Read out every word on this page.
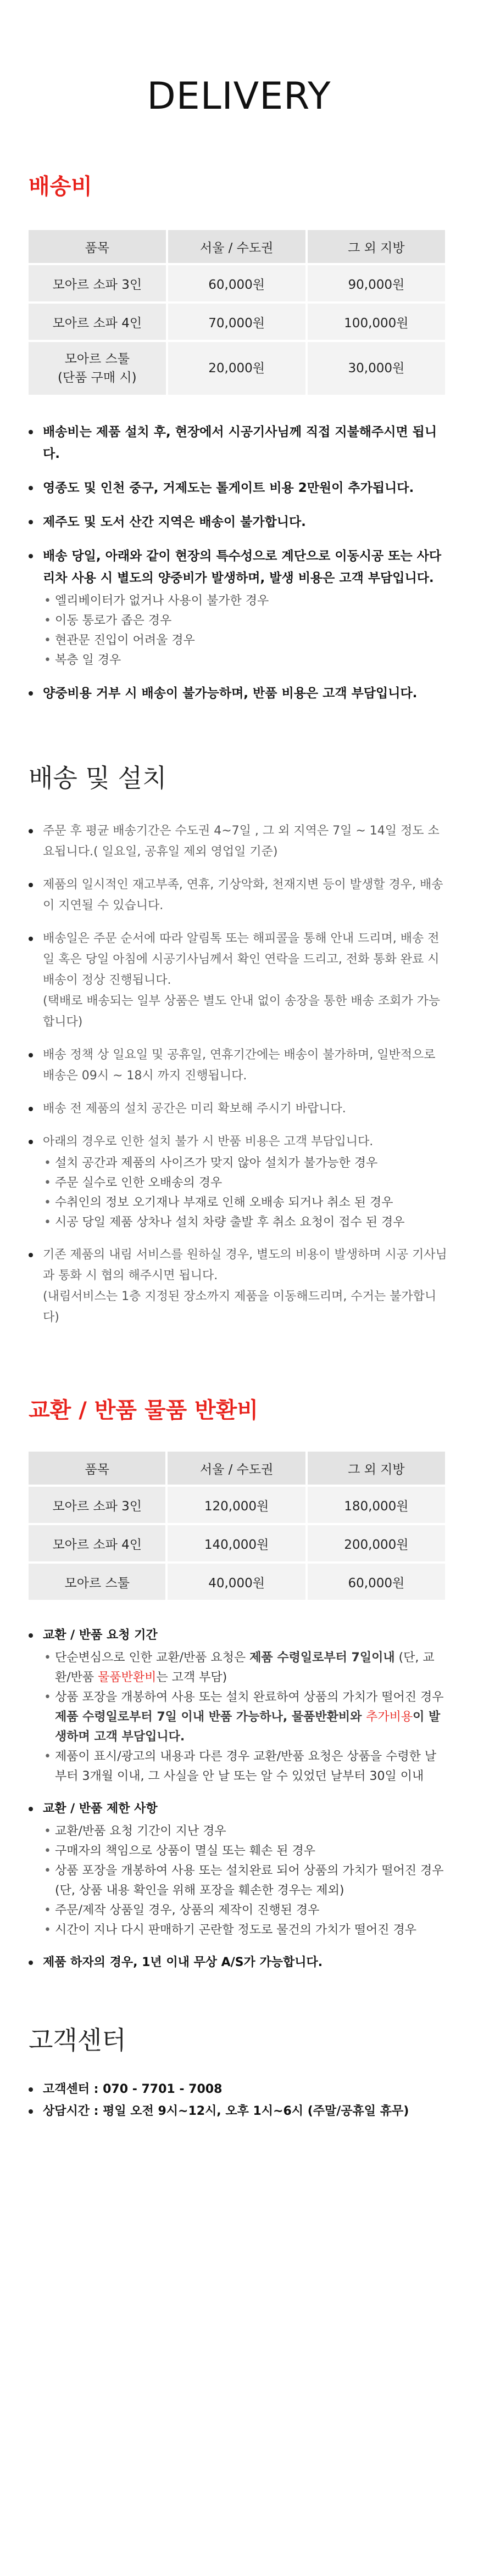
DELIVERY
배송비
품목	서울 / 수도권	그 외 지방
모아르 소파 3인	60,000원	90,000원
모아르 소파 4인	70,000원	100,000원
모아르 스툴
(단품 구매 시)	20,000원	30,000원
배송비는 제품 설치 후, 현장에서 시공기사님께 직접 지불해주시면 됩니다.
영종도 및 인천 중구, 거제도는 톨게이트 비용 2만원이 추가됩니다.
제주도 및 도서 산간 지역은 배송이 불가합니다.
배송 당일, 아래와 같이 현장의 특수성으로 계단으로 이동시공 또는 사다리차 사용 시 별도의 양중비가 발생하며, 발생 비용은 고객 부담입니다.
• 엘리베이터가 없거나 사용이 불가한 경우
• 이동 통로가 좁은 경우
• 현관문 진입이 어려울 경우
• 복층 일 경우
양중비용 거부 시 배송이 불가능하며, 반품 비용은 고객 부담입니다.
배송 및 설치
주문 후 평균 배송기간은 수도권 4~7일 , 그 외 지역은 7일 ~ 14일 정도 소요됩니다.( 일요일, 공휴일 제외 영업일 기준)
제품의 일시적인 재고부족, 연휴, 기상악화, 천재지변 등이 발생할 경우, 배송이 지연될 수 있습니다.
배송일은 주문 순서에 따라 알림톡 또는 해피콜을 통해 안내 드리며, 배송 전일 혹은 당일 아침에 시공기사님께서 확인 연락을 드리고, 전화 통화 완료 시 배송이 정상 진행됩니다.
(택배로 배송되는 일부 상품은 별도 안내 없이 송장을 통한 배송 조회가 가능합니다)
배송 정책 상 일요일 및 공휴일, 연휴기간에는 배송이 불가하며, 일반적으로 배송은 09시 ~ 18시 까지 진행됩니다.
배송 전 제품의 설치 공간은 미리 확보해 주시기 바랍니다.
아래의 경우로 인한 설치 불가 시 반품 비용은 고객 부담입니다.
• 설치 공간과 제품의 사이즈가 맞지 않아 설치가 불가능한 경우
• 주문 실수로 인한 오배송의 경우
• 수취인의 정보 오기재나 부재로 인해 오배송 되거나 취소 된 경우
• 시공 당일 제품 상차나 설치 차량 출발 후 취소 요청이 접수 된 경우
기존 제품의 내림 서비스를 원하실 경우, 별도의 비용이 발생하며 시공 기사님과 통화 시 협의 해주시면 됩니다.
(내림서비스는 1층 지정된 장소까지 제품을 이동해드리며, 수거는 불가합니다)
교환 / 반품 물품 반환비
품목	서울 / 수도권	그 외 지방
모아르 소파 3인	120,000원	180,000원
모아르 소파 4인	140,000원	200,000원
모아르 스툴	40,000원	60,000원
교환 / 반품 요청 기간
• 단순변심으로 인한 교환/반품 요청은 제품 수령일로부터 7일이내 (단, 교환/반품 물품반환비는 고객 부담)
• 상품 포장을 개봉하여 사용 또는 설치 완료하여 상품의 가치가 떨어진 경우 제품 수령일로부터 7일 이내 반품 가능하나, 물품반환비와 추가비용이 발생하며 고객 부담입니다.
• 제품이 표시/광고의 내용과 다른 경우 교환/반품 요청은 상품을 수령한 날 부터 3개월 이내, 그 사실을 안 날 또는 알 수 있었던 날부터 30일 이내
교환 / 반품 제한 사항
• 교환/반품 요청 기간이 지난 경우
• 구매자의 책임으로 상품이 멸실 또는 훼손 된 경우
• 상품 포장을 개봉하여 사용 또는 설치완료 되어 상품의 가치가 떨어진 경우 (단, 상품 내용 확인을 위해 포장을 훼손한 경우는 제외)
• 주문/제작 상품일 경우, 상품의 제작이 진행된 경우
• 시간이 지나 다시 판매하기 곤란할 정도로 물건의 가치가 떨어진 경우
제품 하자의 경우, 1년 이내 무상 A/S가 가능합니다.
고객센터
고객센터 : 070 - 7701 - 7008
상담시간 : 평일 오전 9시~12시, 오후 1시~6시 (주말/공휴일 휴무)
